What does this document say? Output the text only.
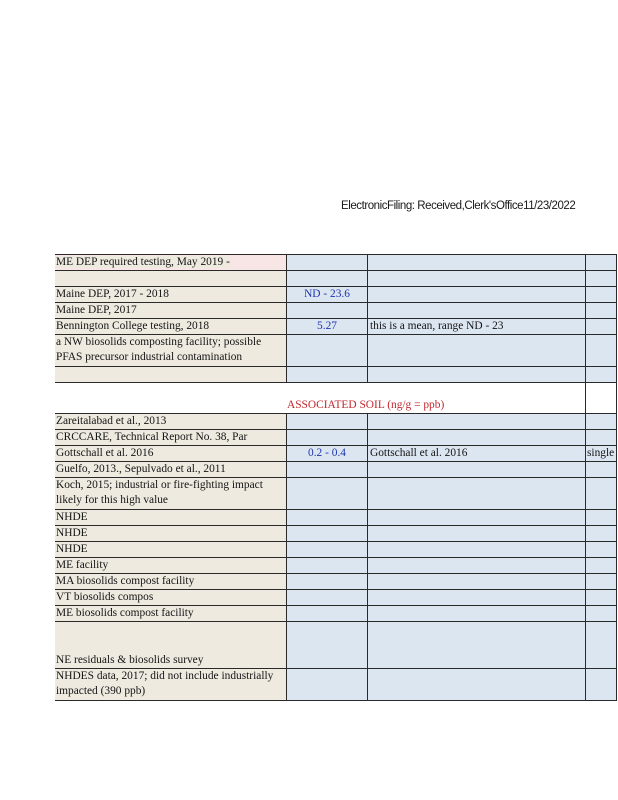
ElectronicFiling: Received,Clerk'sOffice11/23/2022
ME DEP required testing, May 2019 -
Maine DEP, 2017 - 2018	ND - 23.6
Maine DEP, 2017
Bennington College testing, 2018	5.27	this is a mean, range ND - 23
a NW biosolids composting facility; possible PFAS precursor industrial contamination
ASSOCIATED SOIL (ng/g = ppb)
Zareitalabad et al., 2013
CRCCARE, Technical Report No. 38, Par
Gottschall et al. 2016	0.2 - 0.4	Gottschall et al. 2016	single
Guelfo, 2013., Sepulvado et al., 2011
Koch, 2015; industrial or fire-fighting impact likely for this high value
NHDE
NHDE
NHDE
ME facility
MA biosolids compost facility
VT biosolids compos
ME biosolids compost facility
NE residuals & biosolids survey
NHDES data, 2017; did not include industrially impacted (390 ppb)
